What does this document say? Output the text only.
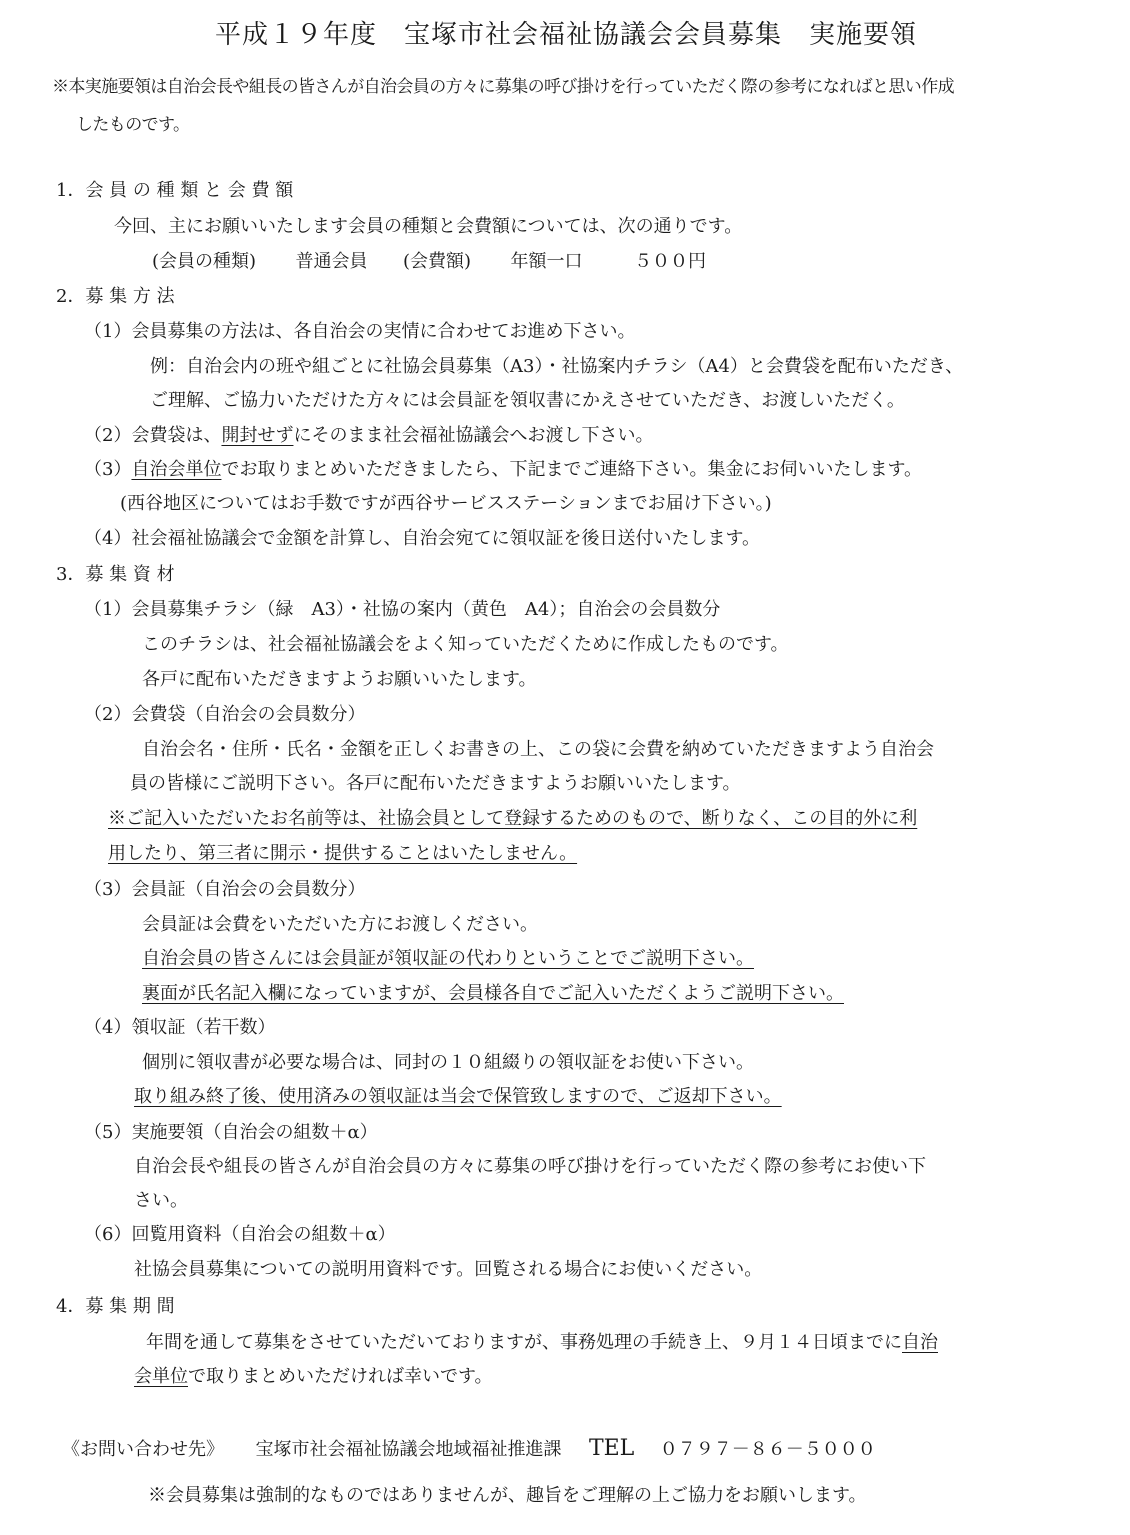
平成１９年度　宝塚市社会福祉協議会会員募集　実施要領
※本実施要領は自治会長や組長の皆さんが自治会員の方々に募集の呼び掛けを行っていただく際の参考になればと思い作成
したものです。
1．会 員 の 種 類 と 会 費 額
今回、主にお願いいたします会員の種類と会費額については、次の通りです。
(会員の種類) 普通会員 (会費額) 年額一口	５００円
2．募 集 方 法
（1）会員募集の方法は、各自治会の実情に合わせてお進め下さい。
例：自治会内の班や組ごとに社協会員募集（A3）・社協案内チラシ（A4）と会費袋を配布いただき、
ご理解、ご協力いただけた方々には会員証を領収書にかえさせていただき、お渡しいただく。
（2）会費袋は、開封せずにそのまま社会福祉協議会へお渡し下さい。
（3）自治会単位でお取りまとめいただきましたら、下記までご連絡下さい。集金にお伺いいたします。
(西谷地区についてはお手数ですが西谷サービスステーションまでお届け下さい。)
（4）社会福祉協議会で金額を計算し、自治会宛てに領収証を後日送付いたします。
3．募 集 資 材
（1）会員募集チラシ（緑　A3）・社協の案内（黄色　A4）；自治会の会員数分
このチラシは、社会福祉協議会をよく知っていただくために作成したものです。
各戸に配布いただきますようお願いいたします。
（2）会費袋（自治会の会員数分）
自治会名・住所・氏名・金額を正しくお書きの上、この袋に会費を納めていただきますよう自治会
員の皆様にご説明下さい。各戸に配布いただきますようお願いいたします。
※ご記入いただいたお名前等は、社協会員として登録するためのもので、断りなく、この目的外に利
用したり、第三者に開示・提供することはいたしません。
（3）会員証（自治会の会員数分）
会員証は会費をいただいた方にお渡しください。
自治会員の皆さんには会員証が領収証の代わりということでご説明下さい。
裏面が氏名記入欄になっていますが、会員様各自でご記入いただくようご説明下さい。
（4）領収証（若干数）
個別に領収書が必要な場合は、同封の１０組綴りの領収証をお使い下さい。
取り組み終了後、使用済みの領収証は当会で保管致しますので、ご返却下さい。
（5）実施要領（自治会の組数＋α）
自治会長や組長の皆さんが自治会員の方々に募集の呼び掛けを行っていただく際の参考にお使い下
さい。
（6）回覧用資料（自治会の組数＋α）
社協会員募集についての説明用資料です。回覧される場合にお使いください。
4．募 集 期 間
年間を通して募集をさせていただいておりますが、事務処理の手続き上、９月１４日頃までに自治
会単位で取りまとめいただければ幸いです。
《お問い合わせ先》 宝塚市社会福祉協議会地域福祉推進課 TEL ０７９７－８６－５０００
※会員募集は強制的なものではありませんが、趣旨をご理解の上ご協力をお願いします。
